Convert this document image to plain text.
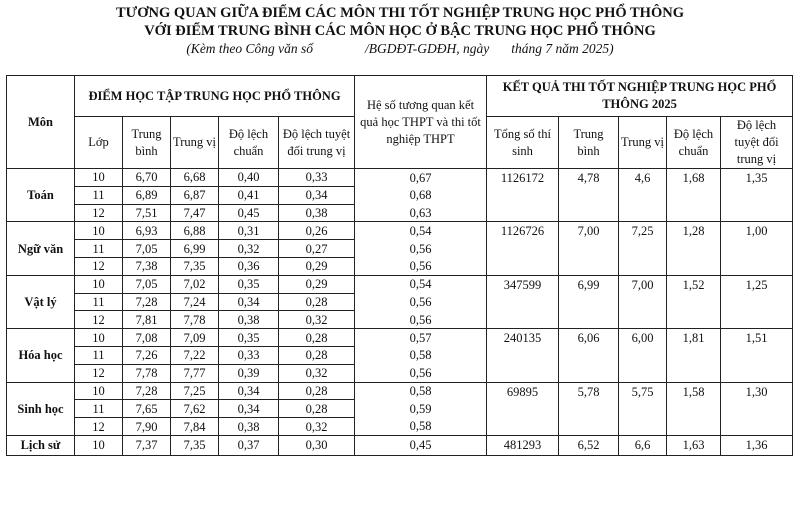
TƯƠNG QUAN GIỮA ĐIỂM CÁC MÔN THI TỐT NGHIỆP TRUNG HỌC PHỔ THÔNG
VỚI ĐIỂM TRUNG BÌNH CÁC MÔN HỌC Ở BẬC TRUNG HỌC PHỔ THÔNG
(Kèm theo Công văn số	/BGDĐT-GDĐH, ngày tháng 7 năm 2025)
Môn	ĐIỂM HỌC TẬP TRUNG HỌC PHỔ THÔNG					Hệ số tương quan kết quả học THPT và thi tốt nghiệp THPT	KẾT QUẢ THI TỐT NGHIỆP TRUNG HỌC PHỔ THÔNG 2025				
	Lớp	Trung bình	Trung vị	Độ lệch chuẩn	Độ lệch tuyệt đối trung vị		Tổng số thí sinh	Trung bình	Trung vị	Độ lệch chuẩn	Độ lệch tuyệt đối trung vị
Toán	10	6,70	6,68	0,40	0,33	0,67	1126172	4,78	4,6	1,68	1,35
	11	6,89	6,87	0,41	0,34	0,68					
	12	7,51	7,47	0,45	0,38	0,63					
Ngữ văn	10	6,93	6,88	0,31	0,26	0,54	1126726	7,00	7,25	1,28	1,00
	11	7,05	6,99	0,32	0,27	0,56					
	12	7,38	7,35	0,36	0,29	0,56					
Vật lý	10	7,05	7,02	0,35	0,29	0,54	347599	6,99	7,00	1,52	1,25
	11	7,28	7,24	0,34	0,28	0,56					
	12	7,81	7,78	0,38	0,32	0,56					
Hóa học	10	7,08	7,09	0,35	0,28	0,57	240135	6,06	6,00	1,81	1,51
	11	7,26	7,22	0,33	0,28	0,58					
	12	7,78	7,77	0,39	0,32	0,56					
Sinh học	10	7,28	7,25	0,34	0,28	0,58	69895	5,78	5,75	1,58	1,30
	11	7,65	7,62	0,34	0,28	0,59					
	12	7,90	7,84	0,38	0,32	0,58					
Lịch sử	10	7,37	7,35	0,37	0,30	0,45	481293	6,52	6,6	1,63	1,36
